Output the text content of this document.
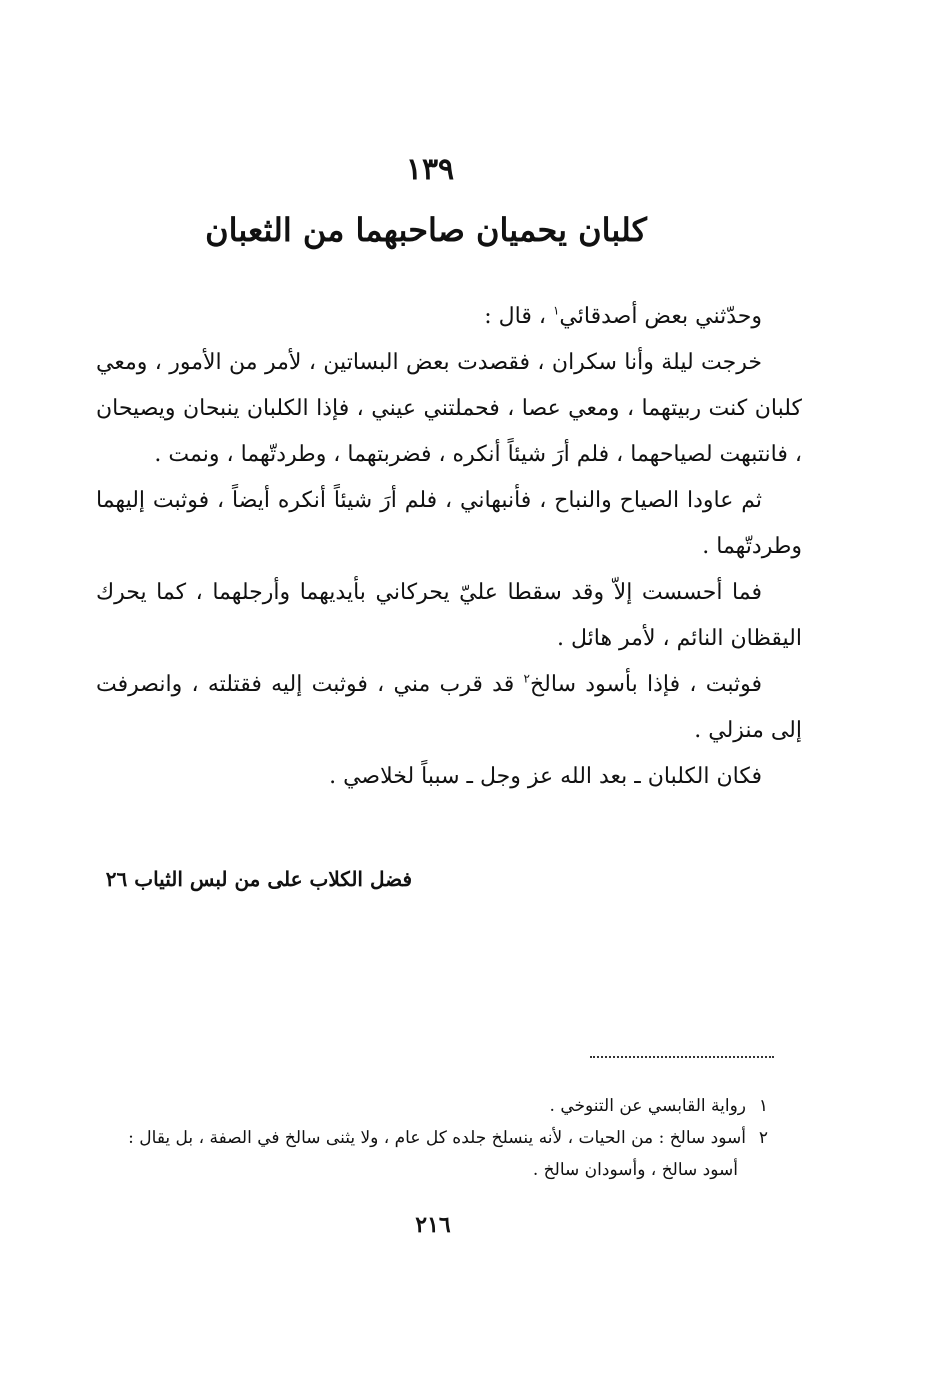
١٣٩
كلبان يحميان صاحبهما من الثعبان

وحدّثني بعض أصدقائي$^١$ ، قال :

خرجت ليلة وأنا سكران ، فقصدت بعض البساتين ، لأمر من الأمور ، ومعي كلبان كنت ربيتهما ، ومعي عصا ، فحملتني عيني ، فإذا الكلبان ينبحان ويصيحان ، فانتبهت لصياحهما ، فلم أرَ شيئاً أنكره ، فضربتهما ، وطردتّهما ، ونمت .

ثم عاودا الصياح والنباح ، فأنبهاني ، فلم أرَ شيئاً أنكره أيضاً ، فوثبت إليهما وطردتّهما .

فما أحسست إلاّ وقد سقطا عليّ يحركاني بأيديهما وأرجلهما ، كما يحرك اليقظان النائم ، لأمر هائل .

فوثبت ، فإذا بأسود سالخ$^٢$ قد قرب مني ، فوثبت إليه فقتلته ، وانصرفت إلى منزلي .

فكان الكلبان ـ بعد الله عز وجل ـ سبباً لخلاصي .

فضل الكلاب على من لبس الثياب ٢٦

١رواية القابسي عن التنوخي .

٢أسود سالخ : من الحيات ، لأنه ينسلخ جلده كل عام ، ولا يثنى سالخ في الصفة ، بل يقال :

أسود سالخ ، وأسودان سالخ .

٢١٦
